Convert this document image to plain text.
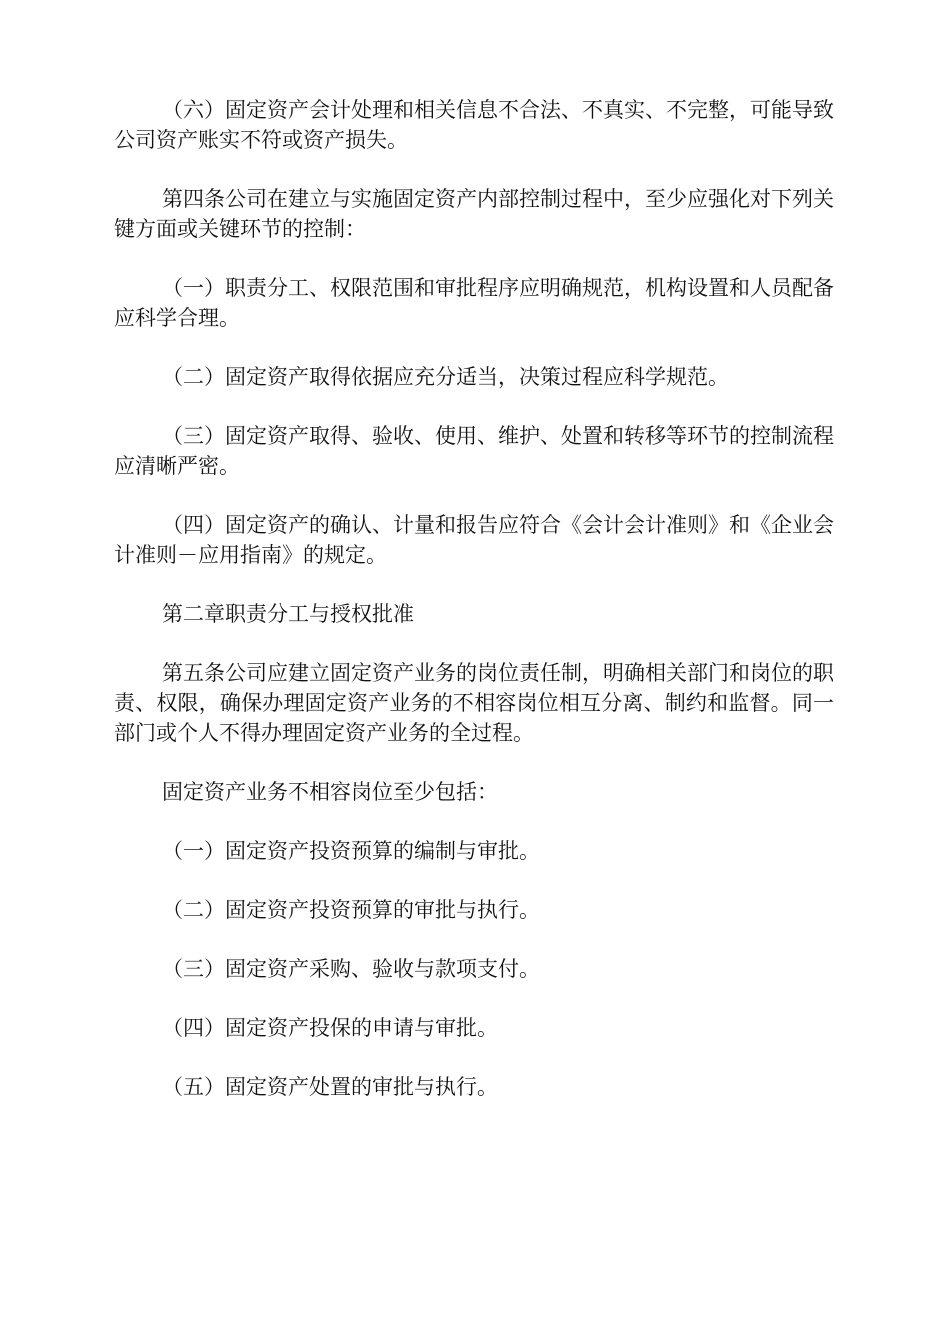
（六）固定资产会计处理和相关信息不合法、不真实、不完整，可能导致公司资产账实不符或资产损失。

第四条公司在建立与实施固定资产内部控制过程中，至少应强化对下列关键方面或关键环节的控制：

（一）职责分工、权限范围和审批程序应明确规范，机构设置和人员配备应科学合理。

（二）固定资产取得依据应充分适当，决策过程应科学规范。

（三）固定资产取得、验收、使用、维护、处置和转移等环节的控制流程应清晰严密。

（四）固定资产的确认、计量和报告应符合《会计会计准则》和《企业会计准则－应用指南》的规定。

第二章职责分工与授权批准

第五条公司应建立固定资产业务的岗位责任制，明确相关部门和岗位的职责、权限，确保办理固定资产业务的不相容岗位相互分离、制约和监督。同一部门或个人不得办理固定资产业务的全过程。

固定资产业务不相容岗位至少包括：

（一）固定资产投资预算的编制与审批。

（二）固定资产投资预算的审批与执行。

（三）固定资产采购、验收与款项支付。

（四）固定资产投保的申请与审批。

（五）固定资产处置的审批与执行。
